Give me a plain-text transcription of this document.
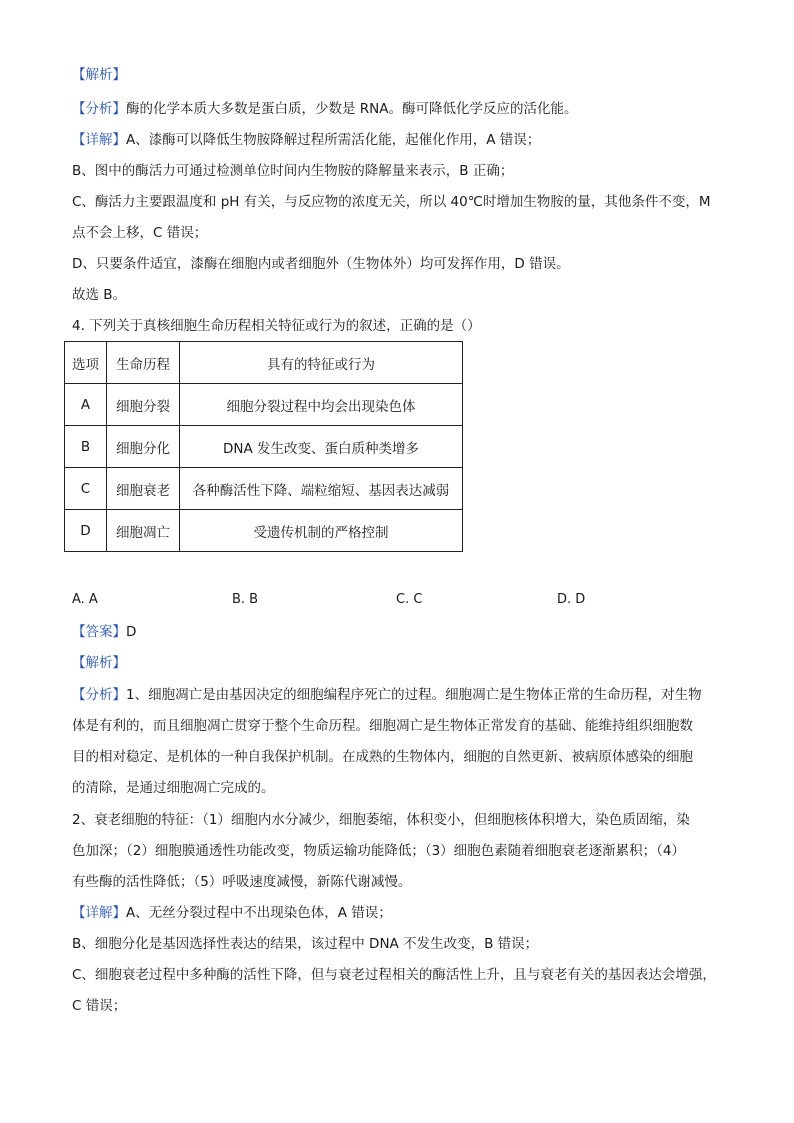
【解析】
【分析】酶的化学本质大多数是蛋白质，少数是 RNA。酶可降低化学反应的活化能。
【详解】A、漆酶可以降低生物胺降解过程所需活化能，起催化作用，A 错误；
B、图中的酶活力可通过检测单位时间内生物胺的降解量来表示，B 正确；
C、酶活力主要跟温度和 pH 有关，与反应物的浓度无关，所以 40℃时增加生物胺的量，其他条件不变，M
点不会上移，C 错误；
D、只要条件适宜，漆酶在细胞内或者细胞外（生物体外）均可发挥作用，D 错误。
故选 B。
4. 下列关于真核细胞生命历程相关特征或行为的叙述，正确的是（）
选项	生命历程	具有的特征或行为
A	细胞分裂	细胞分裂过程中均会出现染色体
B	细胞分化	DNA 发生改变、蛋白质种类增多
C	细胞衰老	各种酶活性下降、端粒缩短、基因表达减弱
D	细胞凋亡	受遗传机制的严格控制
A. A	B. B	C. C	D. D
【答案】D
【解析】
【分析】1、细胞凋亡是由基因决定的细胞编程序死亡的过程。细胞凋亡是生物体正常的生命历程，对生物
体是有利的，而且细胞凋亡贯穿于整个生命历程。细胞凋亡是生物体正常发育的基础、能维持组织细胞数
目的相对稳定、是机体的一种自我保护机制。在成熟的生物体内，细胞的自然更新、被病原体感染的细胞
的清除，是通过细胞凋亡完成的。
2、衰老细胞的特征：（1）细胞内水分减少，细胞萎缩，体积变小，但细胞核体积增大，染色质固缩，染
色加深；（2）细胞膜通透性功能改变，物质运输功能降低；（3）细胞色素随着细胞衰老逐渐累积；（4）
有些酶的活性降低；（5）呼吸速度减慢，新陈代谢减慢。
【详解】A、无丝分裂过程中不出现染色体，A 错误；
B、细胞分化是基因选择性表达的结果，该过程中 DNA 不发生改变，B 错误；
C、细胞衰老过程中多种酶的活性下降，但与衰老过程相关的酶活性上升，且与衰老有关的基因表达会增强，
C 错误；
